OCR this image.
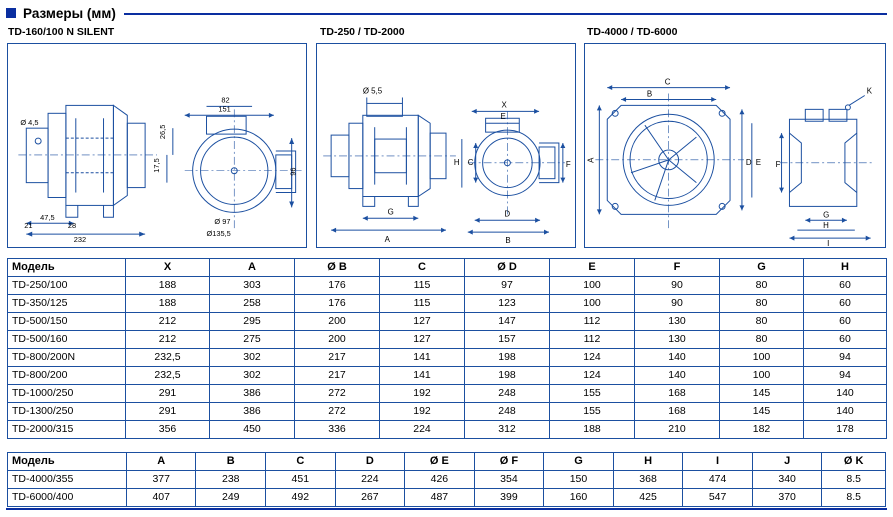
Размеры (мм)
TD-160/100 N SILENT	TD-250 / TD-2000	TD-4000 / TD-6000
Ø 4,5
151
82
26,5
17,5	96
21	28
47,5
232
Ø 97
Ø135,5
Ø 5,5
X
E
C
H	F
G
A
D
B
C
B
A	D E
K
F
G
H
I
Модель	X	A	Ø B	C	Ø D	E	F	G	H
TD-250/100	188	303	176	115	97	100	90	80	60
TD-350/125	188	258	176	115	123	100	90	80	60
TD-500/150	212	295	200	127	147	112	130	80	60
TD-500/160	212	275	200	127	157	112	130	80	60
TD-800/200N	232,5	302	217	141	198	124	140	100	94
TD-800/200	232,5	302	217	141	198	124	140	100	94
TD-1000/250	291	386	272	192	248	155	168	145	140
TD-1300/250	291	386	272	192	248	155	168	145	140
TD-2000/315	356	450	336	224	312	188	210	182	178
Модель	A	B	C	D	Ø E	Ø F	G	H	I	J	Ø K
TD-4000/355	377	238	451	224	426	354	150	368	474	340	8.5
TD-6000/400	407	249	492	267	487	399	160	425	547	370	8.5
